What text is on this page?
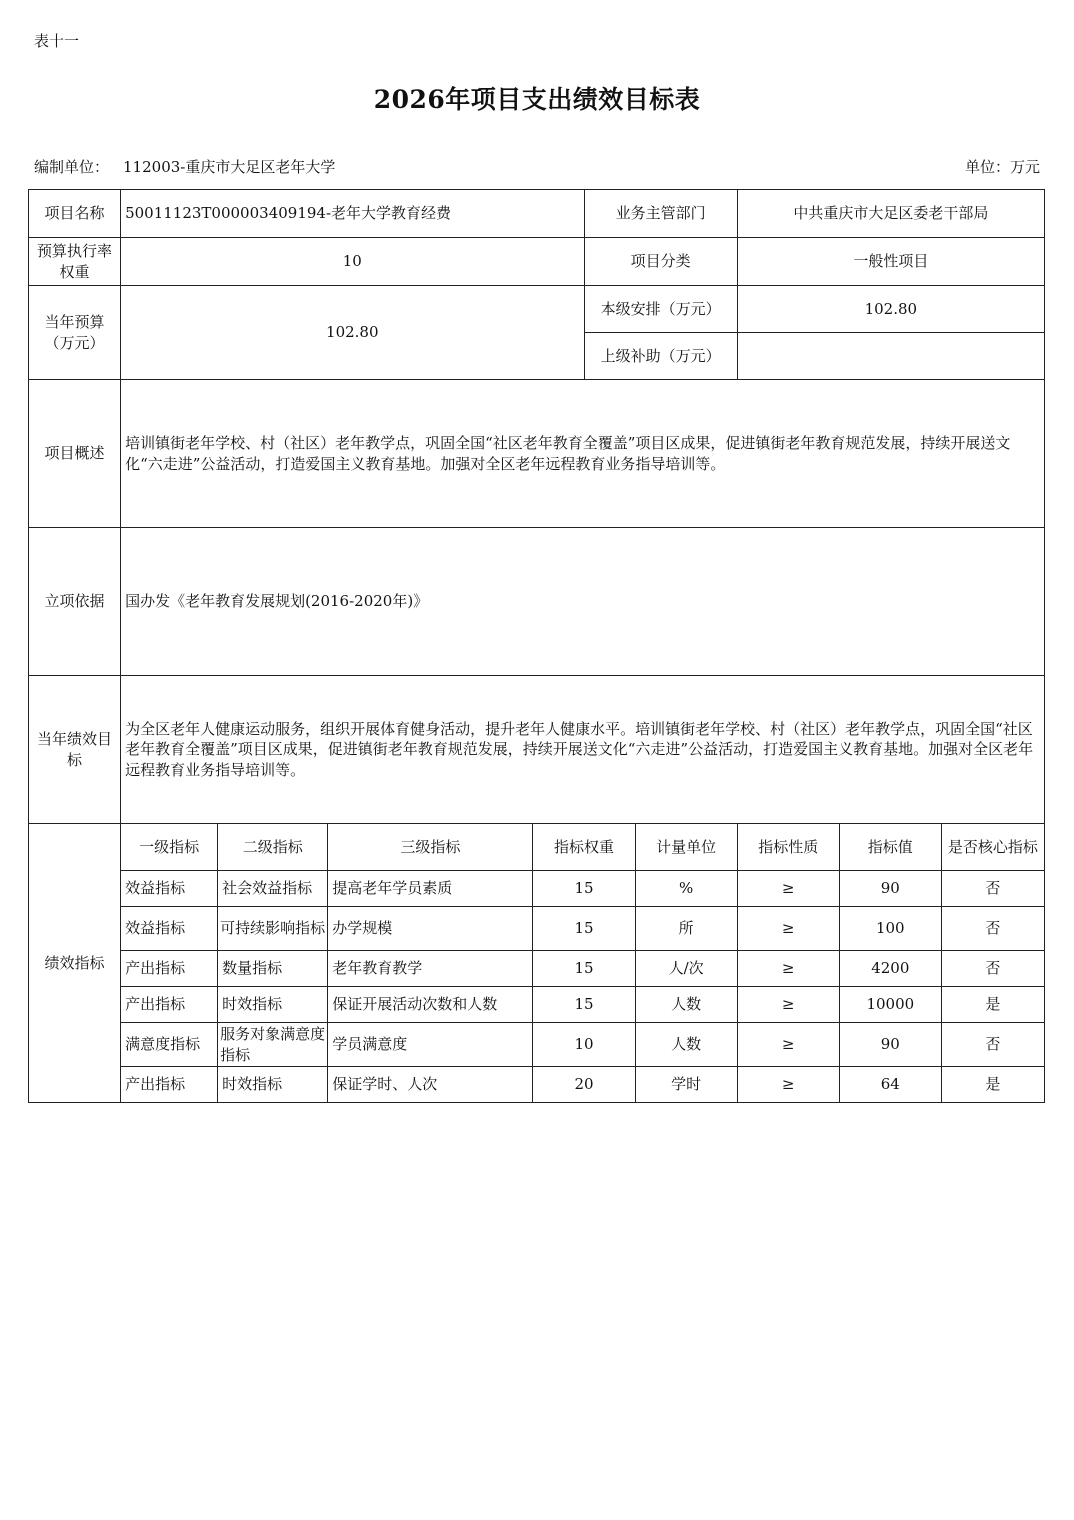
表十一
2026年项目支出绩效目标表
编制单位： 112003-重庆市大足区老年大学	单位：万元
项目名称	50011123T000003409194-老年大学教育经费				业务主管部门		中共重庆市大足区委老干部局		
预算执行率权重	10				项目分类		一般性项目		
当年预算（万元）	102.80				本级安排（万元）		102.80		
					上级补助（万元）				
项目概述	培训镇街老年学校、村（社区）老年教学点，巩固全国“社区老年教育全覆盖”项目区成果，促进镇街老年教育规范发展，持续开展送文化“六走进”公益活动，打造爱国主义教育基地。加强对全区老年远程教育业务指导培训等。								
立项依据	国办发《老年教育发展规划(2016-2020年)》								
当年绩效目标	为全区老年人健康运动服务，组织开展体育健身活动，提升老年人健康水平。培训镇街老年学校、村（社区）老年教学点，巩固全国“社区老年教育全覆盖”项目区成果，促进镇街老年教育规范发展，持续开展送文化“六走进”公益活动，打造爱国主义教育基地。加强对全区老年远程教育业务指导培训等。								
绩效指标	一级指标	二级指标	三级指标	指标权重		计量单位	指标性质	指标值	是否核心指标
	效益指标	社会效益指标	提高老年学员素质	15		%	≥	90	否
	效益指标	可持续影响指标	办学规模	15		所	≥	100	否
	产出指标	数量指标	老年教育教学	15		人/次	≥	4200	否
	产出指标	时效指标	保证开展活动次数和人数	15		人数	≥	10000	是
	满意度指标	服务对象满意度指标	学员满意度	10		人数	≥	90	否
	产出指标	时效指标	保证学时、人次	20		学时	≥	64	是
